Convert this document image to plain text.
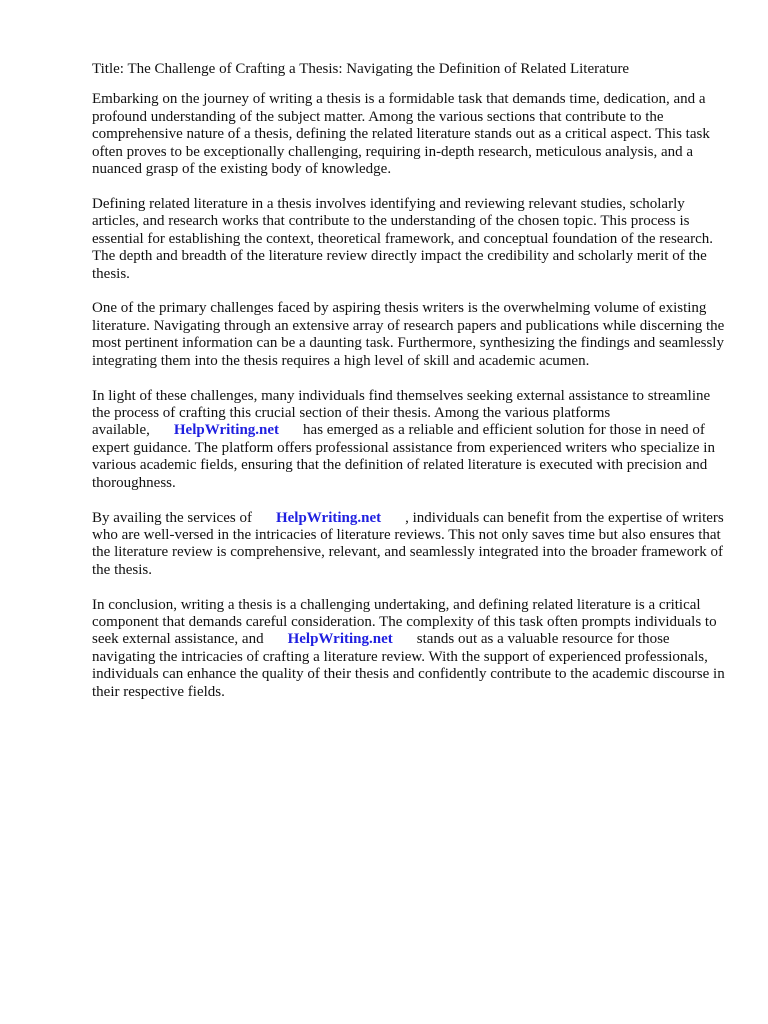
Title: The Challenge of Crafting a Thesis: Navigating the Definition of Related Literature

Embarking on the journey of writing a thesis is a formidable task that demands time, dedication, and a profound understanding of the subject matter. Among the various sections that contribute to the comprehensive nature of a thesis, defining the related literature stands out as a critical aspect. This task often proves to be exceptionally challenging, requiring in-depth research, meticulous analysis, and a nuanced grasp of the existing body of knowledge.

Defining related literature in a thesis involves identifying and reviewing relevant studies, scholarly articles, and research works that contribute to the understanding of the chosen topic. This process is essential for establishing the context, theoretical framework, and conceptual foundation of the research. The depth and breadth of the literature review directly impact the credibility and scholarly merit of the thesis.

One of the primary challenges faced by aspiring thesis writers is the overwhelming volume of existing literature. Navigating through an extensive array of research papers and publications while discerning the most pertinent information can be a daunting task. Furthermore, synthesizing the findings and seamlessly integrating them into the thesis requires a high level of skill and academic acumen.

In light of these challenges, many individuals find themselves seeking external assistance to streamline the process of crafting this crucial section of their thesis. Among the various platforms available, HelpWriting.net has emerged as a reliable and efficient solution for those in need of expert guidance. The platform offers professional assistance from experienced writers who specialize in various academic fields, ensuring that the definition of related literature is executed with precision and thoroughness.

By availing the services of HelpWriting.net , individuals can benefit from the expertise of writers who are well-versed in the intricacies of literature reviews. This not only saves time but also ensures that the literature review is comprehensive, relevant, and seamlessly integrated into the broader framework of the thesis.

In conclusion, writing a thesis is a challenging undertaking, and defining related literature is a critical component that demands careful consideration. The complexity of this task often prompts individuals to seek external assistance, and HelpWriting.net stands out as a valuable resource for those navigating the intricacies of crafting a literature review. With the support of experienced professionals, individuals can enhance the quality of their thesis and confidently contribute to the academic discourse in their respective fields.
